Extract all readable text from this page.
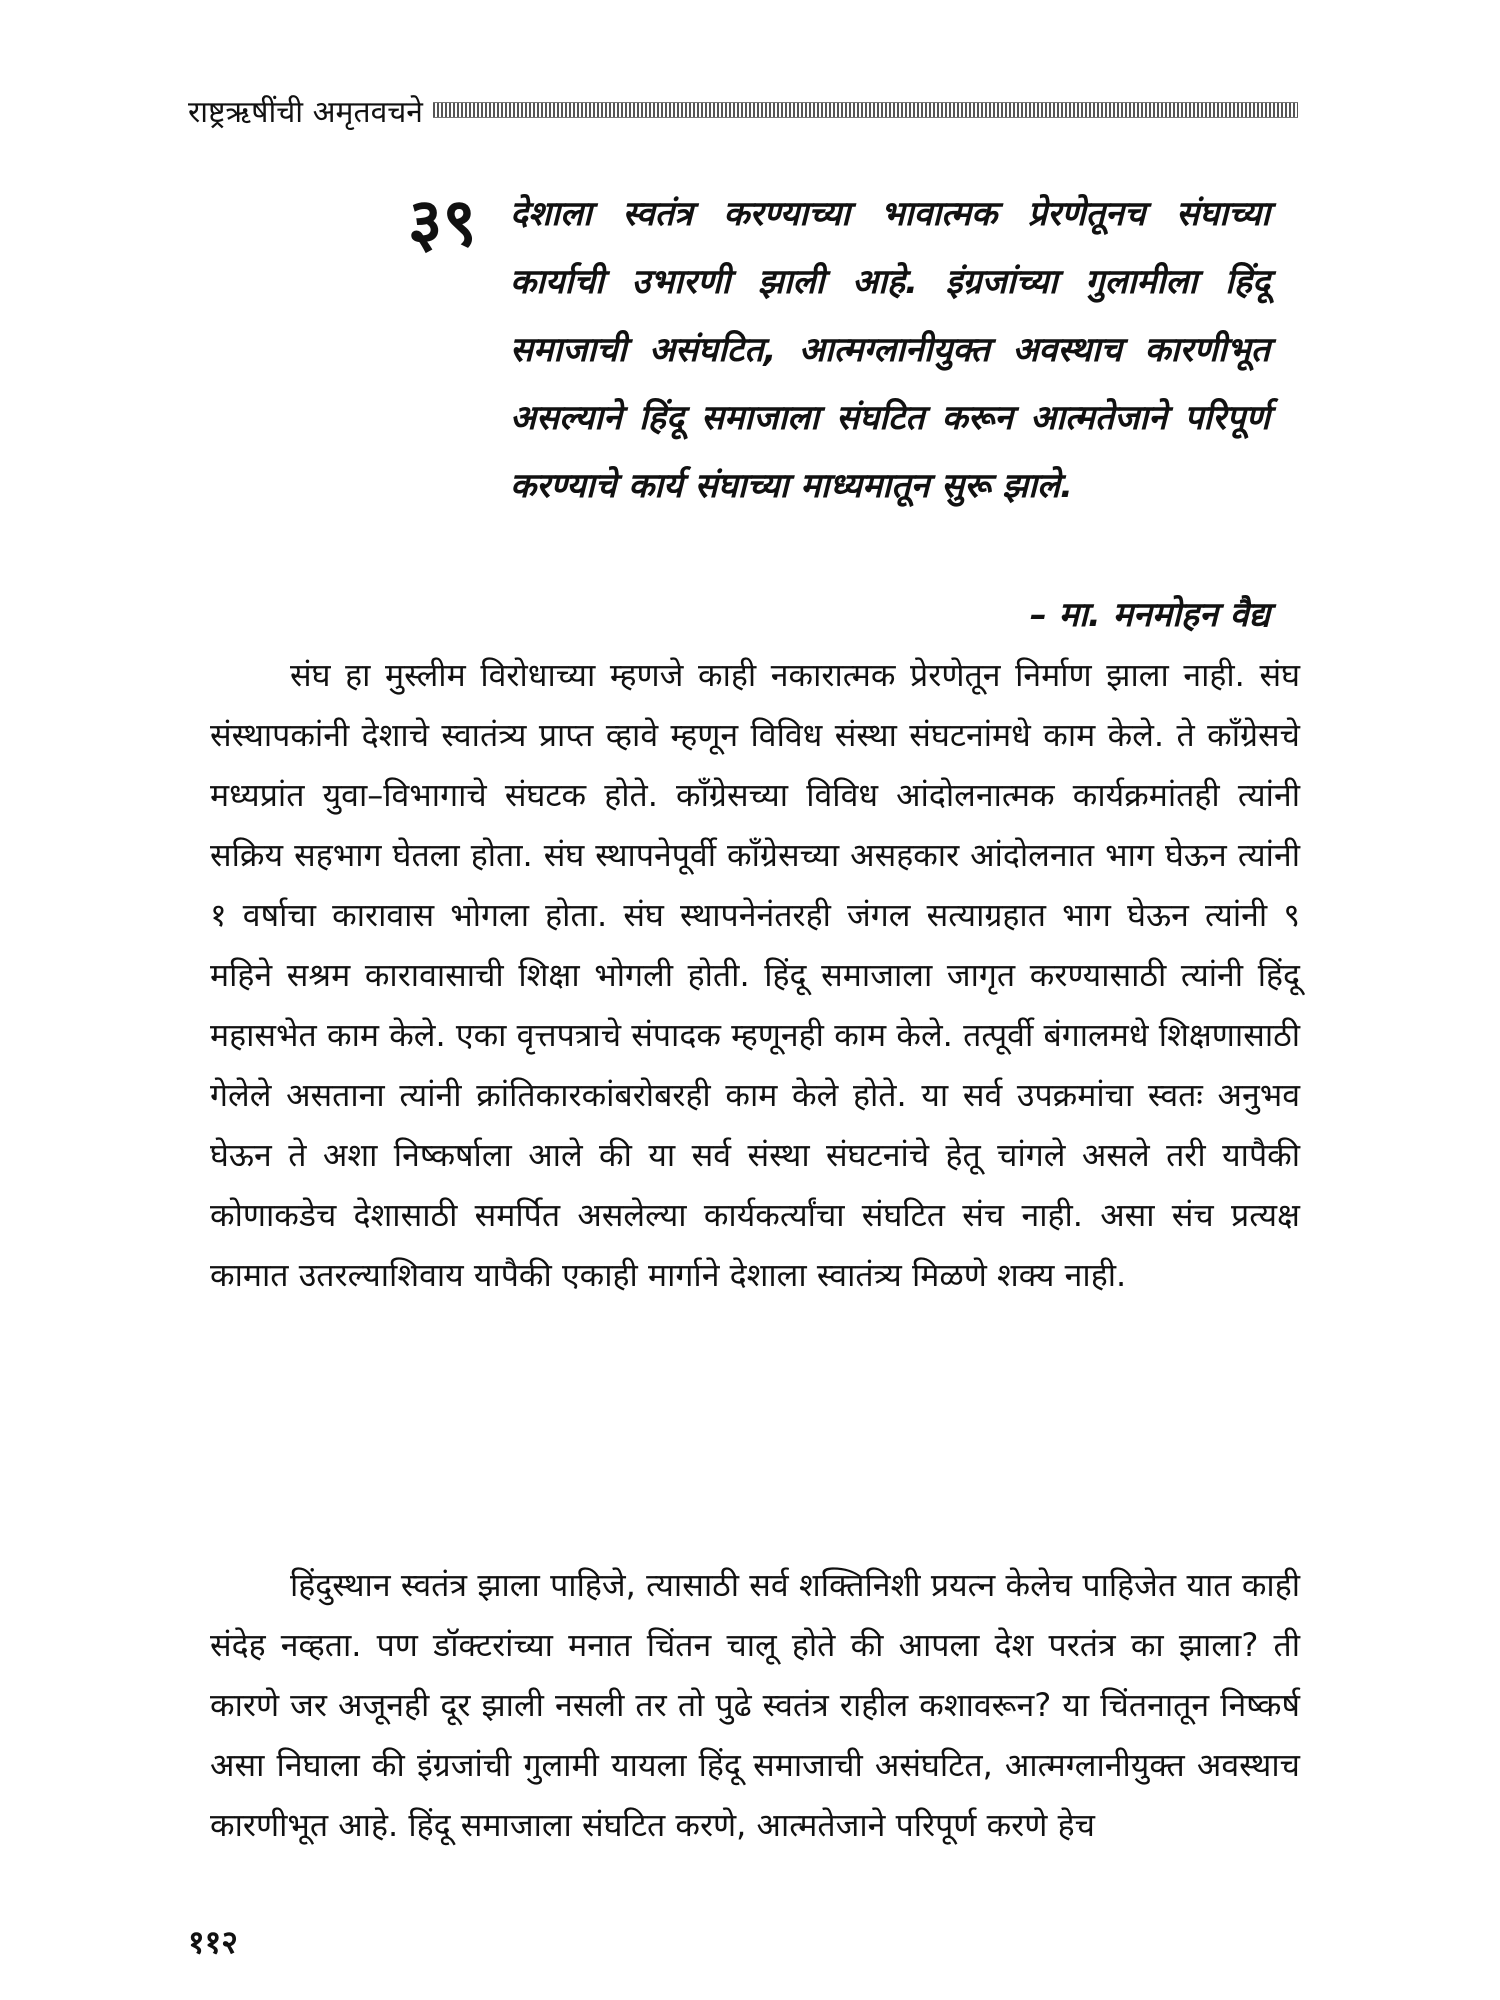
राष्ट्रऋषींची अमृतवचने
३९ देशाला स्वतंत्र करण्याच्या भावात्मक प्रेरणेतूनच संघाच्या कार्याची उभारणी झाली आहे. इंग्रजांच्या गुलामीला हिंदू समाजाची असंघटित, आत्मग्लानीयुक्त अवस्थाच कारणीभूत असल्याने हिंदू समाजाला संघटित करून आत्मतेजाने परिपूर्ण करण्याचे कार्य संघाच्या माध्यमातून सुरू झाले.
– मा. मनमोहन वैद्य
संघ हा मुस्लीम विरोधाच्या म्हणजे काही नकारात्मक प्रेरणेतून निर्माण झाला नाही. संघ संस्थापकांनी देशाचे स्वातंत्र्य प्राप्त व्हावे म्हणून विविध संस्था संघटनांमधे काम केले. ते काँग्रेसचे मध्यप्रांत युवा–विभागाचे संघटक होते. काँग्रेसच्या विविध आंदोलनात्मक कार्यक्रमांतही त्यांनी सक्रिय सहभाग घेतला होता. संघ स्थापनेपूर्वी काँग्रेसच्या असहकार आंदोलनात भाग घेऊन त्यांनी १ वर्षाचा कारावास भोगला होता. संघ स्थापनेनंतरही जंगल सत्याग्रहात भाग घेऊन त्यांनी ९ महिने सश्रम कारावासाची शिक्षा भोगली होती. हिंदू समाजाला जागृत करण्यासाठी त्यांनी हिंदू महासभेत काम केले. एका वृत्तपत्राचे संपादक म्हणूनही काम केले. तत्पूर्वी बंगालमधे शिक्षणासाठी गेलेले असताना त्यांनी क्रांतिकारकांबरोबरही काम केले होते. या सर्व उपक्रमांचा स्वतः अनुभव घेऊन ते अशा निष्कर्षाला आले की या सर्व संस्था संघटनांचे हेतू चांगले असले तरी यापैकी कोणाकडेच देशासाठी समर्पित असलेल्या कार्यकर्त्यांचा संघटित संच नाही. असा संच प्रत्यक्ष कामात उतरल्याशिवाय यापैकी एकाही मार्गाने देशाला स्वातंत्र्य मिळणे शक्य नाही.
हिंदुस्थान स्वतंत्र झाला पाहिजे, त्यासाठी सर्व शक्तिनिशी प्रयत्न केलेच पाहिजेत यात काही संदेह नव्हता. पण डॉक्टरांच्या मनात चिंतन चालू होते की आपला देश परतंत्र का झाला? ती कारणे जर अजूनही दूर झाली नसली तर तो पुढे स्वतंत्र राहील कशावरून? या चिंतनातून निष्कर्ष असा निघाला की इंग्रजांची गुलामी यायला हिंदू समाजाची असंघटित, आत्मग्लानीयुक्त अवस्थाच कारणीभूत आहे. हिंदू समाजाला संघटित करणे, आत्मतेजाने परिपूर्ण करणे हेच
११२
